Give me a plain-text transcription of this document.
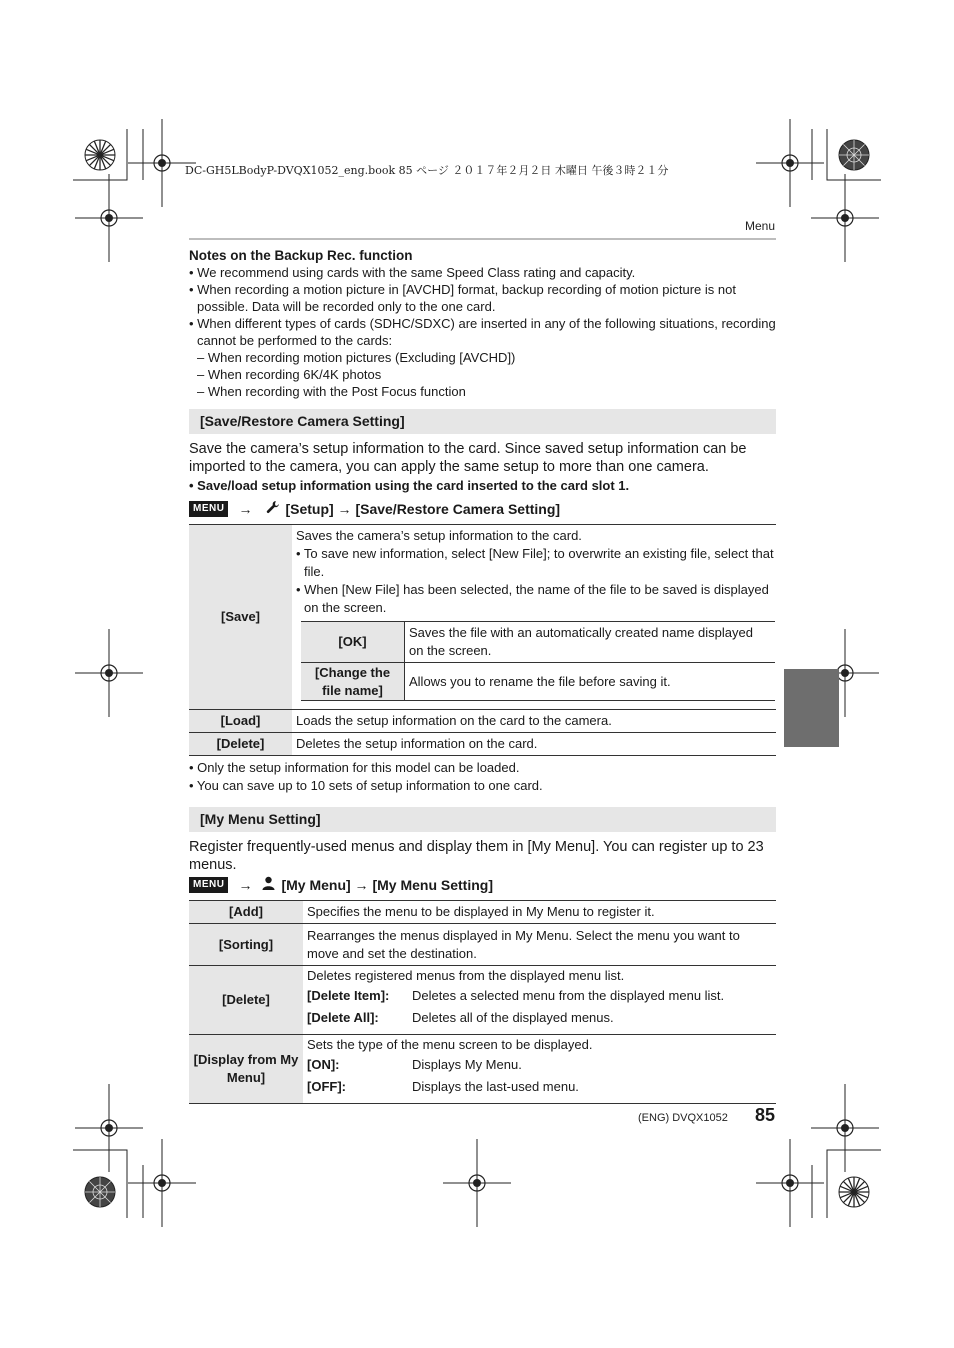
DC-GH5LBodyP-DVQX1052_eng.book 85 ページ ２０１７年２月２日 木曜日 午後３時２１分
Menu
Notes on the Backup Rec. function
• We recommend using cards with the same Speed Class rating and capacity.
• When recording a motion picture in [AVCHD] format, backup recording of motion picture is not possible. Data will be recorded only to the one card.
• When different types of cards (SDHC/SDXC) are inserted in any of the following situations, recording cannot be performed to the cards:
– When recording motion pictures (Excluding [AVCHD])
– When recording 6K/4K photos
– When recording with the Post Focus function
[Save/Restore Camera Setting]
Save the camera’s setup information to the card. Since saved setup information can be imported to the camera, you can apply the same setup to more than one camera.
• Save/load setup information using the card inserted to the card slot 1.
MENU → [Setup] → [Save/Restore Camera Setting]
[Save]	
Saves the camera’s setup information to the card.
• To save new information, select [New File]; to overwrite an existing file, select that file.
• When [New File] has been selected, the name of the file to be saved is displayed on the screen.
[OK]	Saves the file with an automatically created name displayed on the screen.
[Change the file name]	Allows you to rename the file before saving it.

[Load]	Loads the setup information on the card to the camera.
[Delete]	Deletes the setup information on the card.
• Only the setup information for this model can be loaded.
• You can save up to 10 sets of setup information to one card.
[My Menu Setting]
Register frequently-used menus and display them in [My Menu]. You can register up to 23 menus.
MENU → [My Menu] → [My Menu Setting]
[Add]	Specifies the menu to be displayed in My Menu to register it.
[Sorting]	Rearranges the menus displayed in My Menu. Select the menu you want to move and set the destination.
[Delete]	Deletes registered menus from the displayed menu list.
[Delete Item]: Deletes a selected menu from the displayed menu list.
[Delete All]: Deletes all of the displayed menus.

[Display from My Menu]	Sets the type of the menu screen to be displayed.
[ON]: Displays My Menu.
[OFF]: Displays the last-used menu.
(ENG) DVQX1052 85
